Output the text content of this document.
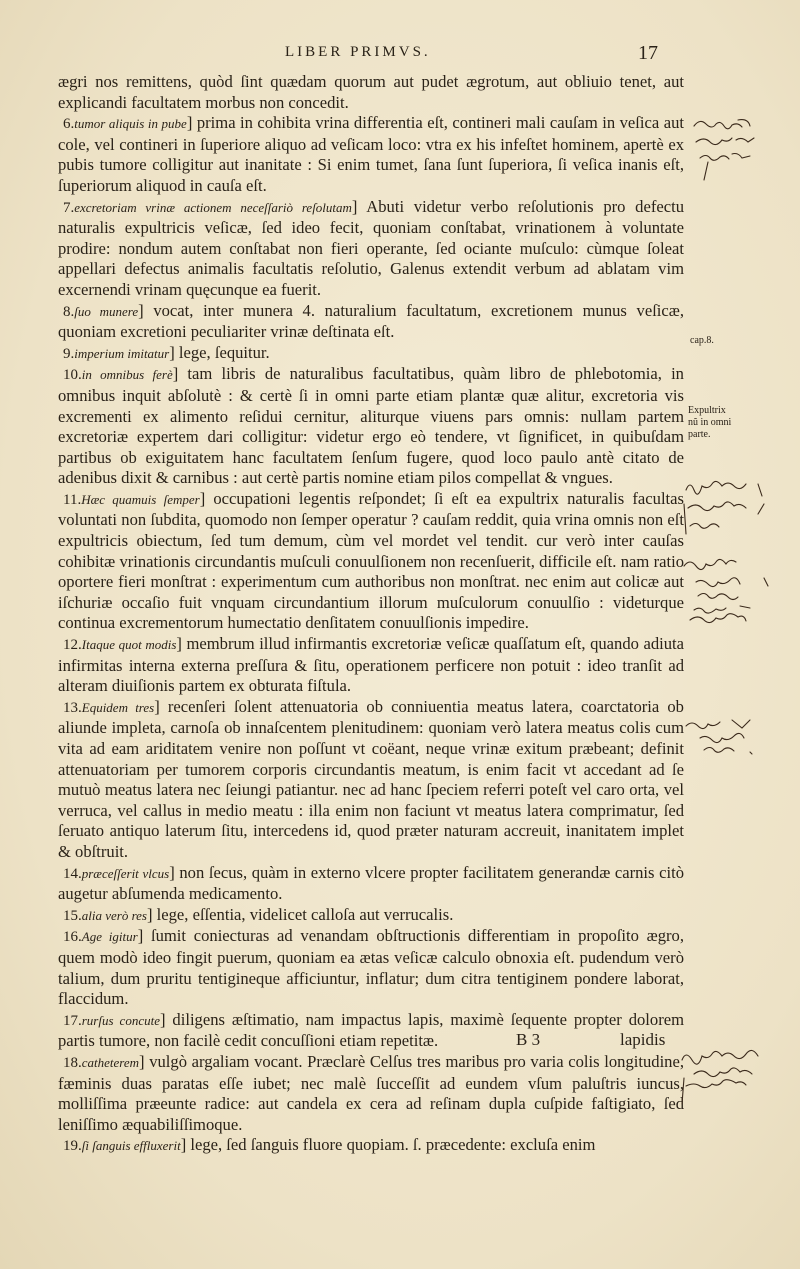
LIBER PRIMVS.	17

ægri nos remittens, quòd ſint quædam quorum aut pudet ægrotum, aut obliuio tenet, aut explicandi facultatem morbus non concedit.

6.tumor aliquis in pube] prima in cohibita vrina differentia eſt, contineri mali cauſam in veſica aut cole, vel contineri in ſuperiore aliquo ad veſicam loco: vtra ex his infeſtet hominem, apertè ex pubis tumore colligitur aut inanitate : Si enim tumet, ſana ſunt ſuperiora, ſi veſica inanis eſt, ſuperiorum aliquod in cauſa eſt.

7.excretoriam vrinæ actionem neceſſariò reſolutam] Abuti videtur verbo reſolutionis pro defectu naturalis expultricis veſicæ, ſed ideo fecit, quoniam conſtabat, vrinationem à voluntate prodire: nondum autem conſtabat non fieri operante, ſed ociante muſculo: cùmque ſoleat appellari defectus animalis facultatis reſolutio, Galenus extendit verbum ad ablatam vim excernendi vrinam quęcunque ea fuerit.

8.ſuo munere] vocat, inter munera 4. naturalium facultatum, excretionem munus veſicæ, quoniam excretioni peculiariter vrinæ deſtinata eſt.

9.imperium imitatur] lege, ſequitur.

10.in omnibus ferè] tam libris de naturalibus facultatibus, quàm libro de phlebotomia, in omnibus inquit abſolutè : & certè ſi in omni parte etiam plantæ quæ alitur, excretoria vis excrementi ex alimento reſidui cernitur, aliturque viuens pars omnis: nullam partem excretoriæ expertem dari colligitur: videtur ergo eò tendere, vt ſignificet, in quibuſdam partibus ob exiguitatem hanc facultatem ſenſum fugere, quod loco paulo antè citato de adenibus dixit & carnibus : aut certè partis nomine etiam pilos compellat & vngues.

11.Hæc quamuis ſemper] occupationi legentis reſpondet; ſi eſt ea expultrix naturalis facultas voluntati non ſubdita, quomodo non ſemper operatur ? cauſam reddit, quia vrina omnis non eſt expultricis obiectum, ſed tum demum, cùm vel mordet vel tendit. cur verò inter cauſas cohibitæ vrinationis circundantis muſculi conuulſionem non recenſuerit, difficile eſt. nam ratio oportere fieri monſtrat : experimentum cum authoribus non monſtrat. nec enim aut colicæ aut iſchuriæ occaſio fuit vnquam circundantium illorum muſculorum conuulſio : videturque continua excrementorum humectatio denſitatem conuulſionis impedire.

12.Itaque quot modis] membrum illud infirmantis excretoriæ veſicæ quaſſatum eſt, quando adiuta infirmitas interna externa preſſura & ſitu, operationem perficere non potuit : ideo tranſit ad alteram diuiſionis partem ex obturata fiſtula.

13.Equidem tres] recenſeri ſolent attenuatoria ob conniuentia meatus latera, coarctatoria ob aliunde impleta, carnoſa ob innaſcentem plenitudinem: quoniam verò latera meatus colis cum vita ad eam ariditatem venire non poſſunt vt coëant, neque vrinæ exitum præbeant; definit attenuatoriam per tumorem corporis circundantis meatum, is enim facit vt accedant ad ſe mutuò meatus latera nec ſeiungi patiantur. nec ad hanc ſpeciem referri poteſt vel caro orta, vel verruca, vel callus in medio meatu : illa enim non faciunt vt meatus latera comprimatur, ſed ſeruato antiquo laterum ſitu, intercedens id, quod præter naturam accreuit, inanitatem implet & obſtruit.

14.præceſſerit vlcus] non ſecus, quàm in externo vlcere propter facilitatem generandæ carnis citò augetur abſumenda medicamento.

15.alia verò res] lege, eſſentia, videlicet calloſa aut verrucalis.

16.Age igitur] ſumit coniecturas ad venandam obſtructionis differentiam in propoſito ægro, quem modò ideo fingit puerum, quoniam ea ætas veſicæ calculo obnoxia eſt. pudendum verò talium, dum pruritu tentigineque afficiuntur, inflatur; dum citra tentiginem pondere laborat, flaccidum.

17.rurſus concute] diligens æſtimatio, nam impactus lapis, maximè ſequente propter dolorem partis tumore, non facilè cedit concuſſioni etiam repetitæ.

18.catheterem] vulgò argaliam vocant. Præclarè Celſus tres maribus pro varia colis longitudine, fæminis duas paratas eſſe iubet; nec malè ſucceſſit ad eundem vſum paluſtris iuncus, molliſſima præeunte radice: aut candela ex cera ad reſinam dupla cuſpide faſtigiato, ſed leniſſimo æquabiliſſimoque.

19.ſi ſanguis effluxerit] lege, ſed ſanguis fluore quopiam. ſ. præcedente: excluſa enim

B 3	lapidis
cap.8.
Expultrix
nũ in omni
parte.
